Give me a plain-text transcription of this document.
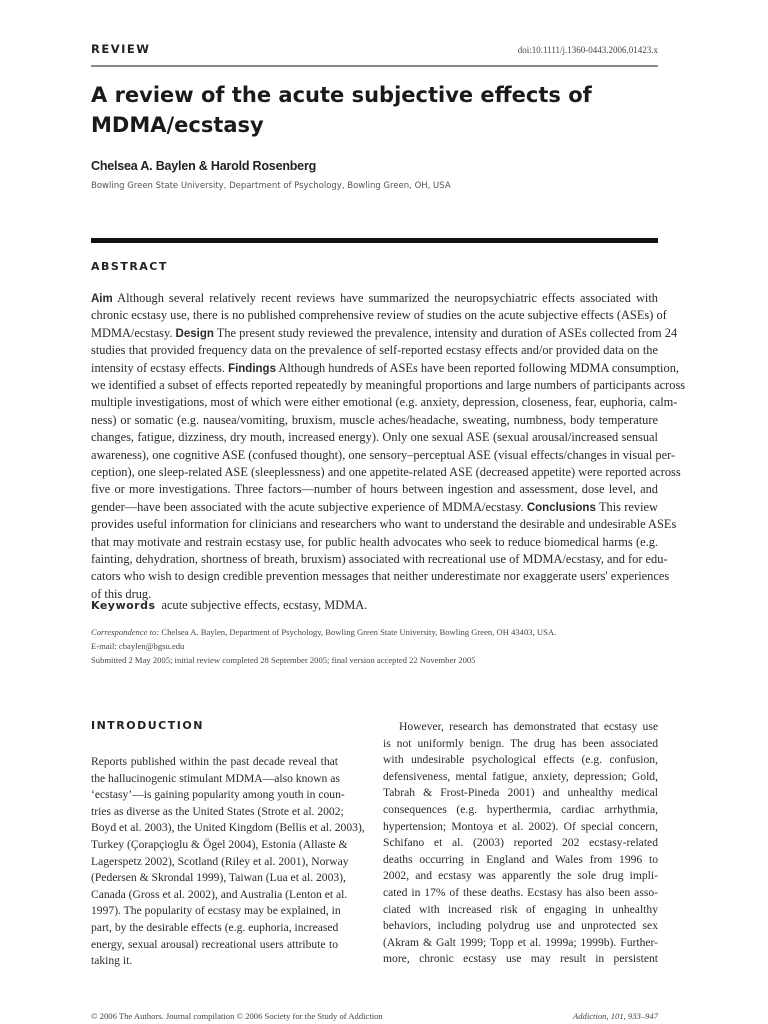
REVIEW	doi:10.1111/j.1360-0443.2006.01423.x
A review of the acute subjective effects of
MDMA/ecstasy
Chelsea A. Baylen & Harold Rosenberg
Bowling Green State University, Department of Psychology, Bowling Green, OH, USA
ABSTRACT
Aim Although several relatively recent reviews have summarized the neuropsychiatric effects associated with
chronic ecstasy use, there is no published comprehensive review of studies on the acute subjective effects (ASEs) of
MDMA/ecstasy. Design The present study reviewed the prevalence, intensity and duration of ASEs collected from 24
studies that provided frequency data on the prevalence of self-reported ecstasy effects and/or provided data on the
intensity of ecstasy effects. Findings Although hundreds of ASEs have been reported following MDMA consumption,
we identified a subset of effects reported repeatedly by meaningful proportions and large numbers of participants across
multiple investigations, most of which were either emotional (e.g. anxiety, depression, closeness, fear, euphoria, calm-
ness) or somatic (e.g. nausea/vomiting, bruxism, muscle aches/headache, sweating, numbness, body temperature
changes, fatigue, dizziness, dry mouth, increased energy). Only one sexual ASE (sexual arousal/increased sensual
awareness), one cognitive ASE (confused thought), one sensory–perceptual ASE (visual effects/changes in visual per-
ception), one sleep-related ASE (sleeplessness) and one appetite-related ASE (decreased appetite) were reported across
five or more investigations. Three factors—number of hours between ingestion and assessment, dose level, and
gender—have been associated with the acute subjective experience of MDMA/ecstasy. Conclusions This review
provides useful information for clinicians and researchers who want to understand the desirable and undesirable ASEs
that may motivate and restrain ecstasy use, for public health advocates who seek to reduce biomedical harms (e.g.
fainting, dehydration, shortness of breath, bruxism) associated with recreational use of MDMA/ecstasy, and for edu-
cators who wish to design credible prevention messages that neither underestimate nor exaggerate users' experiences
of this drug.
Keywords acute subjective effects, ecstasy, MDMA.
Correspondence to: Chelsea A. Baylen, Department of Psychology, Bowling Green State University, Bowling Green, OH 43403, USA.
E-mail: cbaylen@bgsu.edu
Submitted 2 May 2005; initial review completed 28 September 2005; final version accepted 22 November 2005
INTRODUCTION
Reports published within the past decade reveal that
the hallucinogenic stimulant MDMA—also known as
‘ecstasy’—is gaining popularity among youth in coun-
tries as diverse as the United States (Strote et al. 2002;
Boyd et al. 2003), the United Kingdom (Bellis et al. 2003),
Turkey (Çorapçioglu & Ögel 2004), Estonia (Allaste &
Lagerspetz 2002), Scotland (Riley et al. 2001), Norway
(Pedersen & Skrondal 1999), Taiwan (Lua et al. 2003),
Canada (Gross et al. 2002), and Australia (Lenton et al.
1997). The popularity of ecstasy may be explained, in
part, by the desirable effects (e.g. euphoria, increased
energy, sexual arousal) recreational users attribute to
taking it.
However, research has demonstrated that ecstasy use
is not uniformly benign. The drug has been associated
with undesirable psychological effects (e.g. confusion,
defensiveness, mental fatigue, anxiety, depression; Gold,
Tabrah & Frost-Pineda 2001) and unhealthy medical
consequences (e.g. hyperthermia, cardiac arrhythmia,
hypertension; Montoya et al. 2002). Of special concern,
Schifano et al. (2003) reported 202 ecstasy-related
deaths occurring in England and Wales from 1996 to
2002, and ecstasy was apparently the sole drug impli-
cated in 17% of these deaths. Ecstasy has also been asso-
ciated with increased risk of engaging in unhealthy
behaviors, including polydrug use and unprotected sex
(Akram & Galt 1999; Topp et al. 1999a; 1999b). Further-
more, chronic ecstasy use may result in persistent
© 2006 The Authors. Journal compilation © 2006 Society for the Study of Addiction	Addiction, 101, 933–947
